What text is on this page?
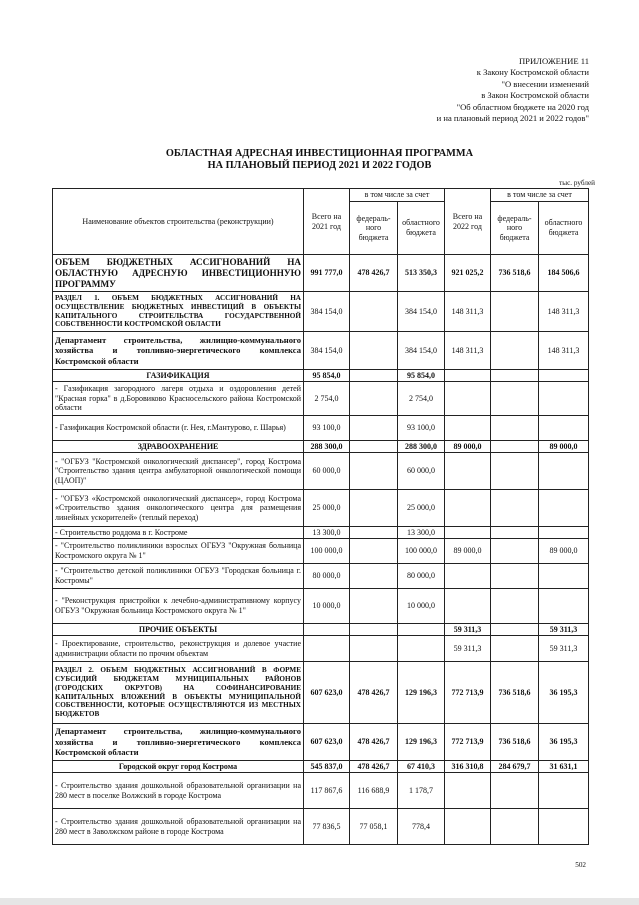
ПРИЛОЖЕНИЕ 11
к Закону Костромской области
"О внесении изменений
в Закон Костромской области
"Об областном бюджете на 2020 год
и на плановый период 2021 и 2022 годов"
ОБЛАСТНАЯ АДРЕСНАЯ ИНВЕСТИЦИОННАЯ ПРОГРАММА
НА ПЛАНОВЫЙ ПЕРИОД 2021 И 2022 ГОДОВ
тыс. рублей
Наименование объектов строительства (реконструкции)	Всего на 2021 год	в том числе за счет		Всего на 2022 год	в том числе за счет	
		федераль-ного бюджета	областного бюджета		федераль-ного бюджета	областного бюджета
ОБЪЕМ БЮДЖЕТНЫХ АССИГНОВАНИЙ НА ОБЛАСТНУЮ АДРЕСНУЮ ИНВЕСТИЦИОННУЮ ПРОГРАММУ	991 777,0	478 426,7	513 350,3	921 025,2	736 518,6	184 506,6
РАЗДЕЛ 1. ОБЪЕМ БЮДЖЕТНЫХ АССИГНОВАНИЙ НА ОСУЩЕСТВЛЕНИЕ БЮДЖЕТНЫХ ИНВЕСТИЦИЙ В ОБЪЕКТЫ КАПИТАЛЬНОГО СТРОИТЕЛЬСТВА ГОСУДАРСТВЕННОЙ СОБСТВЕННОСТИ КОСТРОМСКОЙ ОБЛАСТИ	384 154,0		384 154,0	148 311,3		148 311,3
Департамент строительства, жилищно-коммунального хозяйства и топливно-энергетического комплекса Костромской области	384 154,0		384 154,0	148 311,3		148 311,3
ГАЗИФИКАЦИЯ	95 854,0		95 854,0			
- Газификация загородного лагеря отдыха и оздоровления детей "Красная горка" в д.Боровиково Красносельского района Костромской области	2 754,0		2 754,0			
- Газификация Костромской области (г. Нея, г.Мантурово, г. Шарья)	93 100,0		93 100,0			
ЗДРАВООХРАНЕНИЕ	288 300,0		288 300,0	89 000,0		89 000,0
- "ОГБУЗ "Костромской онкологический диспансер", город Кострома "Строительство здания центра амбулаторной онкологической помощи (ЦАОП)"	60 000,0		60 000,0			
- "ОГБУЗ «Костромской онкологический диспансер», город Кострома «Строительство здания онкологического центра для размещения линейных ускорителей» (теплый переход)	25 000,0		25 000,0			
- Строительство роддома в г. Костроме	13 300,0		13 300,0			
- "Строительство поликлиники взрослых ОГБУЗ "Окружная больница Костромского округа № 1"	100 000,0		100 000,0	89 000,0		89 000,0
- "Строительство детской поликлиники ОГБУЗ "Городская больница г. Костромы"	80 000,0		80 000,0			
- "Реконструкция пристройки к лечебно-административному корпусу ОГБУЗ "Окружная больница Костромского округа № 1"	10 000,0		10 000,0			
ПРОЧИЕ ОБЪЕКТЫ				59 311,3		59 311,3
- Проектирование, строительство, реконструкция и долевое участие администрации области по прочим объектам				59 311,3		59 311,3
РАЗДЕЛ 2. ОБЪЕМ БЮДЖЕТНЫХ АССИГНОВАНИЙ В ФОРМЕ СУБСИДИЙ БЮДЖЕТАМ МУНИЦИПАЛЬНЫХ РАЙОНОВ (ГОРОДСКИХ ОКРУГОВ) НА СОФИНАНСИРОВАНИЕ КАПИТАЛЬНЫХ ВЛОЖЕНИЙ В ОБЪЕКТЫ МУНИЦИПАЛЬНОЙ СОБСТВЕННОСТИ, КОТОРЫЕ ОСУЩЕСТВЛЯЮТСЯ ИЗ МЕСТНЫХ БЮДЖЕТОВ	607 623,0	478 426,7	129 196,3	772 713,9	736 518,6	36 195,3
Департамент строительства, жилищно-коммунального хозяйства и топливно-энергетического комплекса Костромской области	607 623,0	478 426,7	129 196,3	772 713,9	736 518,6	36 195,3
Городской округ город Кострома	545 837,0	478 426,7	67 410,3	316 310,8	284 679,7	31 631,1
- Строительство здания дошкольной образовательной организации на 280 мест в поселке Волжский в городе Кострома	117 867,6	116 688,9	1 178,7			
- Строительство здания дошкольной образовательной организации на 280 мест в Заволжском районе в городе Кострома	77 836,5	77 058,1	778,4			
502
